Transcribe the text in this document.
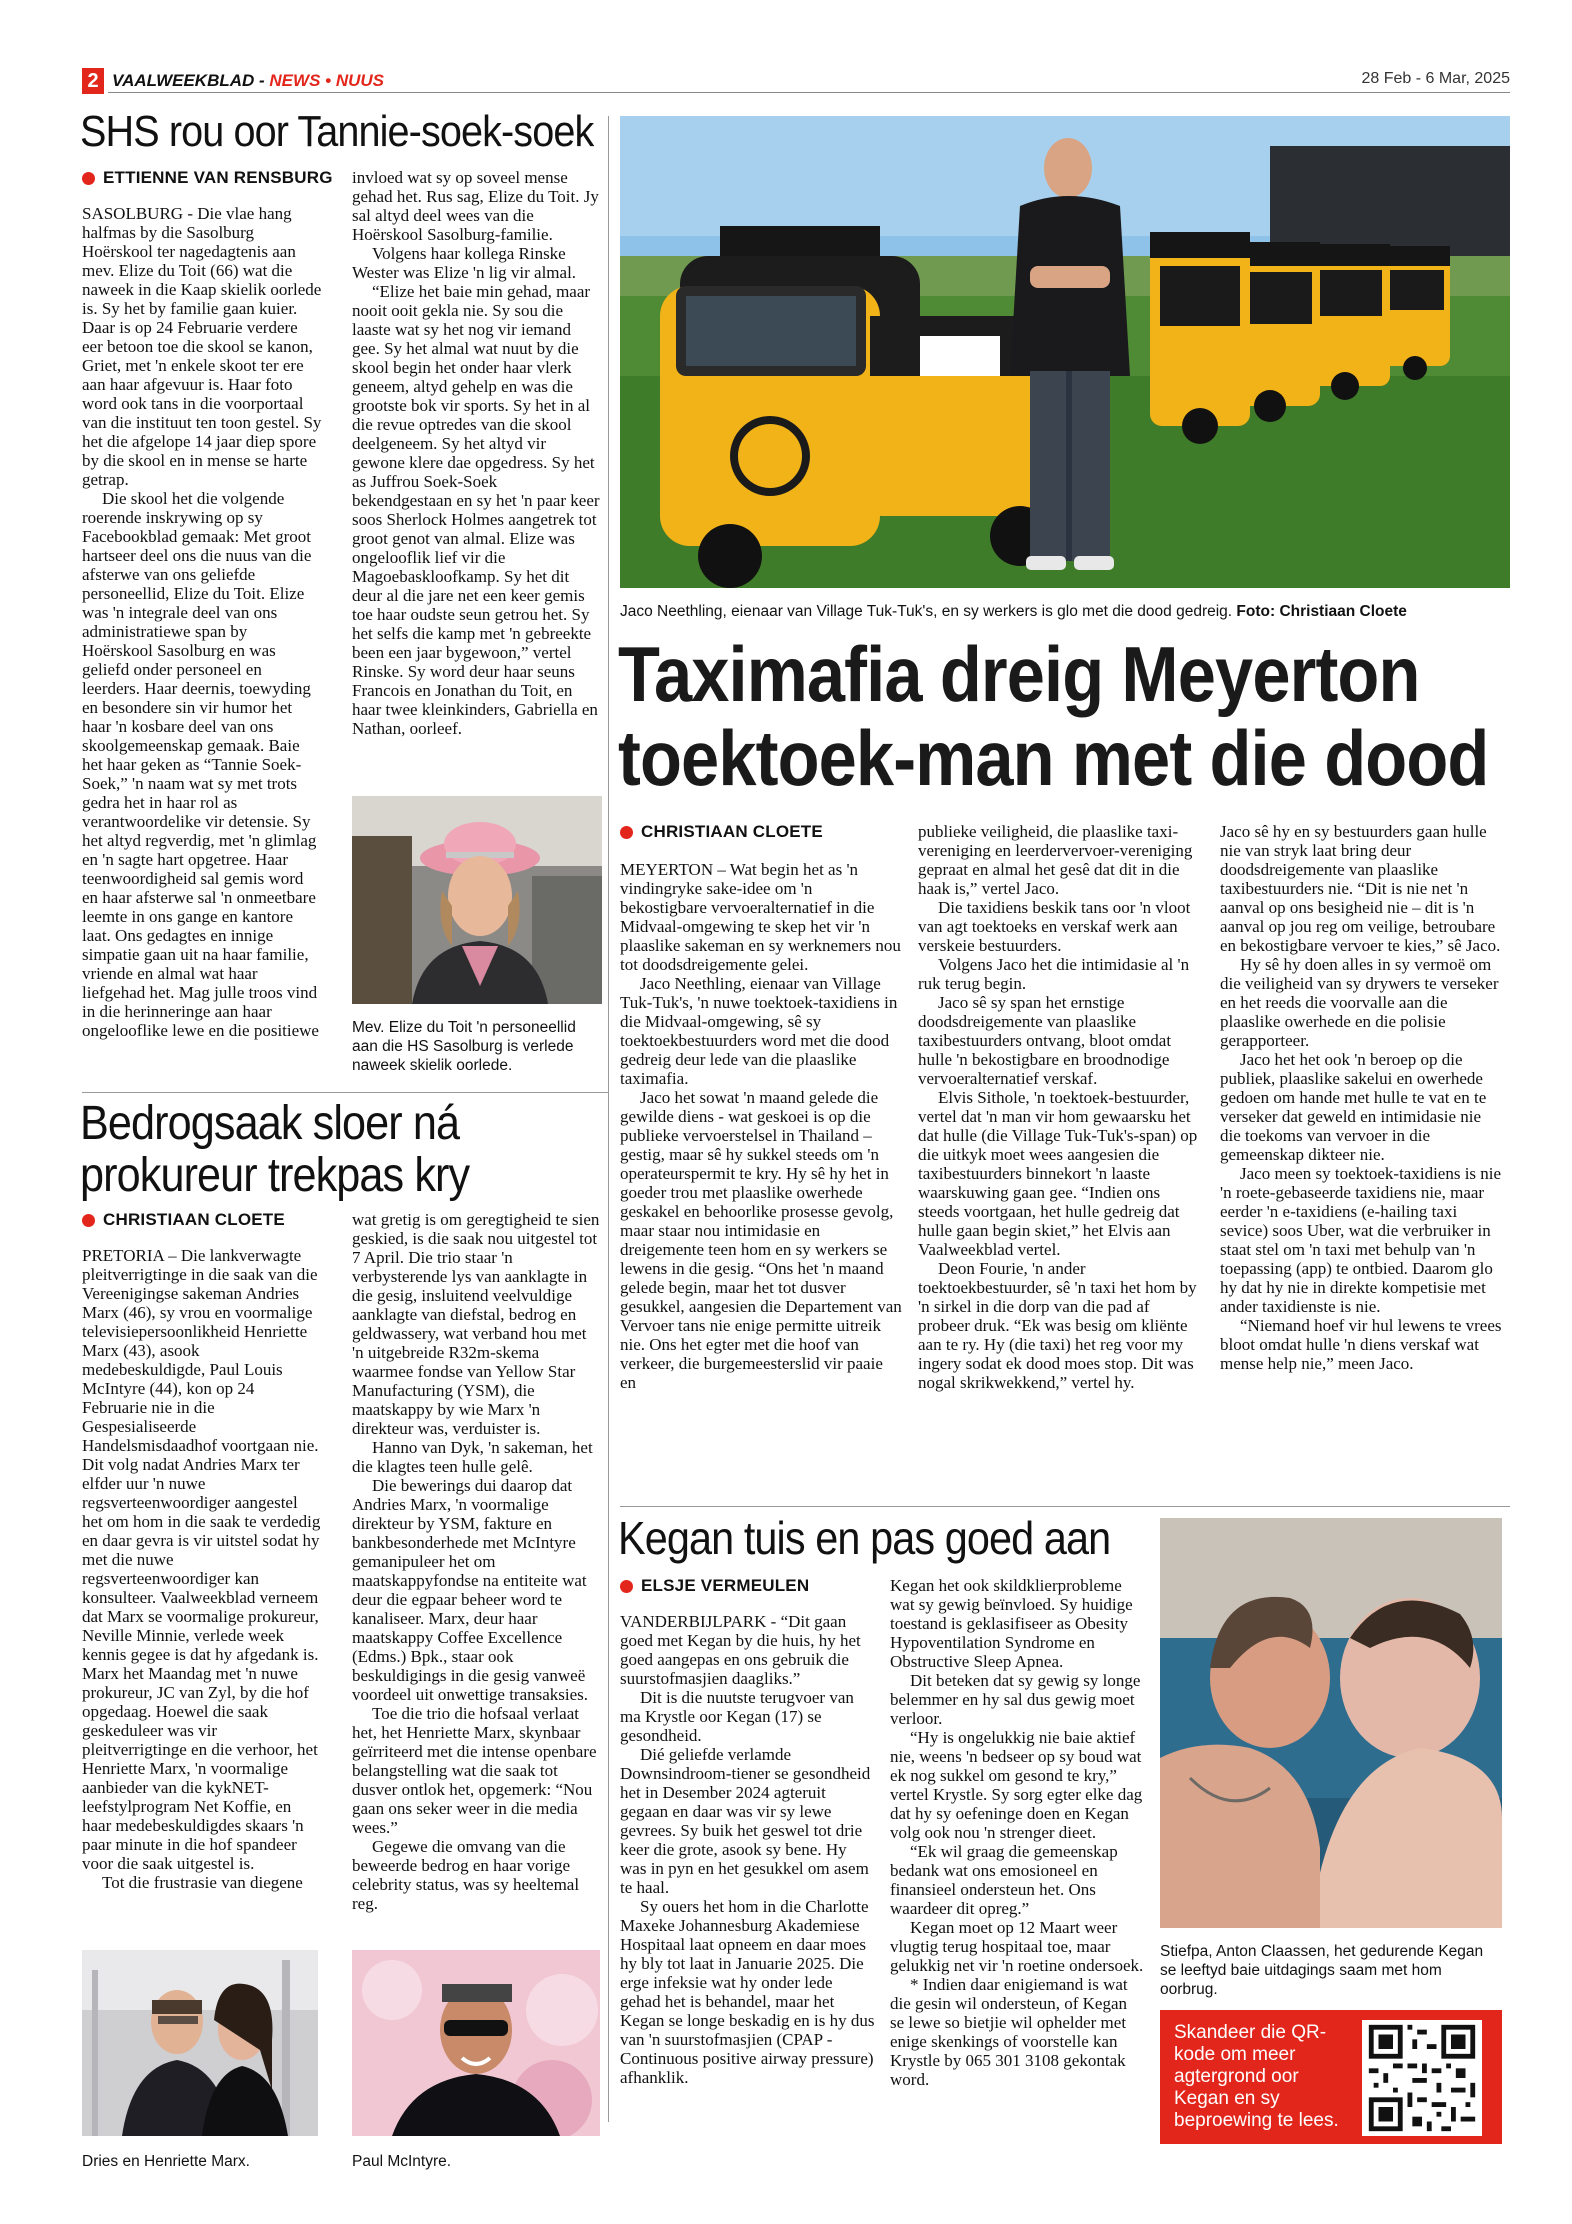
2 VAALWEEKBLAD - NEWS • NUUS	28 Feb - 6 Mar, 2025
SHS rou oor Tannie-soek-soek
ETTIENNE VAN RENSBURG

SASOLBURG - Die vlae hang halfmas by die Sasolburg Hoërskool ter nagedagtenis aan mev. Elize du Toit (66) wat die naweek in die Kaap skielik oorlede is. Sy het by familie gaan kuier. Daar is op 24 Februarie verdere eer betoon toe die skool se kanon, Griet, met 'n enkele skoot ter ere aan haar afgevuur is. Haar foto word ook tans in die voorportaal van die instituut ten toon gestel. Sy het die afgelope 14 jaar diep spore by die skool en in mense se harte getrap.

Die skool het die volgende roerende inskrywing op sy Facebookblad gemaak: Met groot hartseer deel ons die nuus van die afsterwe van ons geliefde personeellid, Elize du Toit. Elize was 'n integrale deel van ons administratiewe span by Hoërskool Sasolburg en was geliefd onder personeel en leerders. Haar deernis, toewyding en besondere sin vir humor het haar 'n kosbare deel van ons skoolgemeenskap gemaak. Baie het haar geken as “Tannie Soek-Soek,” 'n naam wat sy met trots gedra het in haar rol as verantwoordelike vir detensie. Sy het altyd regverdig, met 'n glimlag en 'n sagte hart opgetree. Haar teenwoordigheid sal gemis word en haar afsterwe sal 'n onmeetbare leemte in ons gange en kantore laat. Ons gedagtes en innige simpatie gaan uit na haar familie, vriende en almal wat haar liefgehad het. Mag julle troos vind in die herinneringe aan haar ongelooflike lewe en die positiewe

invloed wat sy op soveel mense gehad het. Rus sag, Elize du Toit. Jy sal altyd deel wees van die Hoërskool Sasolburg-familie.

Volgens haar kollega Rinske Wester was Elize 'n lig vir almal.

“Elize het baie min gehad, maar nooit ooit gekla nie. Sy sou die laaste wat sy het nog vir iemand gee. Sy het almal wat nuut by die skool begin het onder haar vlerk geneem, altyd gehelp en was die grootste bok vir sports. Sy het in al die revue optredes van die skool deelgeneem. Sy het altyd vir gewone klere dae opgedress. Sy het as Juffrou Soek-Soek bekendgestaan en sy het 'n paar keer soos Sherlock Holmes aangetrek tot groot genot van almal. Elize was ongelooflik lief vir die Magoebaskloofkamp. Sy het dit deur al die jare net een keer gemis toe haar oudste seun getrou het. Sy het selfs die kamp met 'n gebreekte been een jaar bygewoon,” vertel Rinske. Sy word deur haar seuns Francois en Jonathan du Toit, en haar twee kleinkinders, Gabriella en Nathan, oorleef.

Mev. Elize du Toit 'n personeellid aan die HS Sasolburg is verlede naweek skielik oorlede.
Bedrogsaak sloer ná
prokureur trekpas kry
CHRISTIAAN CLOETE

PRETORIA – Die lankverwagte pleitverrigtinge in die saak van die Vereenigingse sakeman Andries Marx (46), sy vrou en voormalige televisiepersoonlikheid Henriette Marx (43), asook medebeskuldigde, Paul Louis McIntyre (44), kon op 24 Februarie nie in die Gespesialiseerde Handelsmisdaadhof voortgaan nie. Dit volg nadat Andries Marx ter elfder uur 'n nuwe regsverteenwoordiger aangestel het om hom in die saak te verdedig en daar gevra is vir uitstel sodat hy met die nuwe regsverteenwoordiger kan konsulteer. Vaalweekblad verneem dat Marx se voormalige prokureur, Neville Minnie, verlede week kennis gegee is dat hy afgedank is. Marx het Maandag met 'n nuwe prokureur, JC van Zyl, by die hof opgedaag. Hoewel die saak geskeduleer was vir pleitverrigtinge en die verhoor, het Henriette Marx, 'n voormalige aanbieder van die kykNET-leefstylprogram Net Koffie, en haar medebeskuldigdes skaars 'n paar minute in die hof spandeer voor die saak uitgestel is.

Tot die frustrasie van diegene

wat gretig is om geregtigheid te sien geskied, is die saak nou uitgestel tot 7 April. Die trio staar 'n verbysterende lys van aanklagte in die gesig, insluitend veelvuldige aanklagte van diefstal, bedrog en geldwassery, wat verband hou met 'n uitgebreide R32m-skema waarmee fondse van Yellow Star Manufacturing (YSM), die maatskappy by wie Marx 'n direkteur was, verduister is.

Hanno van Dyk, 'n sakeman, het die klagtes teen hulle gelê.

Die bewerings dui daarop dat Andries Marx, 'n voormalige direkteur by YSM, fakture en bankbesonderhede met McIntyre gemanipuleer het om maatskappyfondse na entiteite wat deur die egpaar beheer word te kanaliseer. Marx, deur haar maatskappy Coffee Excellence (Edms.) Bpk., staar ook beskuldigings in die gesig vanweë voordeel uit onwettige transaksies.

Toe die trio die hofsaal verlaat het, het Henriette Marx, skynbaar geïrriteerd met die intense openbare belangstelling wat die saak tot dusver ontlok het, opgemerk: “Nou gaan ons seker weer in die media wees.”

Gegewe die omvang van die beweerde bedrog en haar vorige celebrity status, was sy heeltemal reg.

Dries en Henriette Marx.	Paul McIntyre.
Jaco Neethling, eienaar van Village Tuk-Tuk's, en sy werkers is glo met die dood gedreig. Foto: Christiaan Cloete
Taximafia dreig Meyerton
toektoek-man met die dood
CHRISTIAAN CLOETE

MEYERTON – Wat begin het as 'n vindingryke sake-idee om 'n bekostigbare vervoeralternatief in die Midvaal-omgewing te skep het vir 'n plaaslike sakeman en sy werknemers nou tot doodsdreigemente gelei.

Jaco Neethling, eienaar van Village Tuk-Tuk's, 'n nuwe toektoek-taxidiens in die Midvaal-omgewing, sê sy toektoekbestuurders word met die dood gedreig deur lede van die plaaslike taximafia.

Jaco het sowat 'n maand gelede die gewilde diens - wat geskoei is op die publieke vervoerstelsel in Thailand – gestig, maar sê hy sukkel steeds om 'n operateurspermit te kry. Hy sê hy het in goeder trou met plaaslike owerhede geskakel en behoorlike prosesse gevolg, maar staar nou intimidasie en dreigemente teen hom en sy werkers se lewens in die gesig. “Ons het 'n maand gelede begin, maar het tot dusver gesukkel, aangesien die Departement van Vervoer tans nie enige permitte uitreik nie. Ons het egter met die hoof van verkeer, die burgemeesterslid vir paaie en

publieke veiligheid, die plaaslike taxi-vereniging en leerdervervoer-vereniging gepraat en almal het gesê dat dit in die haak is,” vertel Jaco.

Die taxidiens beskik tans oor 'n vloot van agt toektoeks en verskaf werk aan verskeie bestuurders.

Volgens Jaco het die intimidasie al 'n ruk terug begin.

Jaco sê sy span het ernstige doodsdreigemente van plaaslike taxibestuurders ontvang, bloot omdat hulle 'n bekostigbare en broodnodige vervoeralternatief verskaf.

Elvis Sithole, 'n toektoek-bestuurder, vertel dat 'n man vir hom gewaarsku het dat hulle (die Village Tuk-Tuk's-span) op die uitkyk moet wees aangesien die taxibestuurders binnekort 'n laaste waarskuwing gaan gee. “Indien ons steeds voortgaan, het hulle gedreig dat hulle gaan begin skiet,” het Elvis aan Vaalweekblad vertel.

Deon Fourie, 'n ander toektoekbestuurder, sê 'n taxi het hom by 'n sirkel in die dorp van die pad af probeer druk. “Ek was besig om kliënte aan te ry. Hy (die taxi) het reg voor my ingery sodat ek dood moes stop. Dit was nogal skrikwekkend,” vertel hy.

Jaco sê hy en sy bestuurders gaan hulle nie van stryk laat bring deur doodsdreigemente van plaaslike taxibestuurders nie. “Dit is nie net 'n aanval op ons besigheid nie – dit is 'n aanval op jou reg om veilige, betroubare en bekostigbare vervoer te kies,” sê Jaco.

Hy sê hy doen alles in sy vermoë om die veiligheid van sy drywers te verseker en het reeds die voorvalle aan die plaaslike owerhede en die polisie gerapporteer.

Jaco het het ook 'n beroep op die publiek, plaaslike sakelui en owerhede gedoen om hande met hulle te vat en te verseker dat geweld en intimidasie nie die toekoms van vervoer in die gemeenskap dikteer nie.

Jaco meen sy toektoek-taxidiens is nie 'n roete-gebaseerde taxidiens nie, maar eerder 'n e-taxidiens (e-hailing taxi sevice) soos Uber, wat die verbruiker in staat stel om 'n taxi met behulp van 'n toepassing (app) te ontbied. Daarom glo hy dat hy nie in direkte kompetisie met ander taxidienste is nie.

“Niemand hoef vir hul lewens te vrees bloot omdat hulle 'n diens verskaf wat mense help nie,” meen Jaco.

Kegan tuis en pas goed aan
ELSJE VERMEULEN

VANDERBIJLPARK - “Dit gaan goed met Kegan by die huis, hy het goed aangepas en ons gebruik die suurstofmasjien daagliks.”

Dit is die nuutste terugvoer van ma Krystle oor Kegan (17) se gesondheid.

Dié geliefde verlamde Downsindroom-tiener se gesondheid het in Desember 2024 agteruit gegaan en daar was vir sy lewe gevrees. Sy buik het geswel tot drie keer die grote, asook sy bene. Hy was in pyn en het gesukkel om asem te haal.

Sy ouers het hom in die Charlotte Maxeke Johannesburg Akademiese Hospitaal laat opneem en daar moes hy bly tot laat in Januarie 2025. Die erge infeksie wat hy onder lede gehad het is behandel, maar het Kegan se longe beskadig en is hy dus van 'n suurstofmasjien (CPAP - Continuous positive airway pressure) afhanklik.

Kegan het ook skildklierprobleme wat sy gewig beïnvloed. Sy huidige toestand is geklasifiseer as Obesity Hypoventilation Syndrome en Obstructive Sleep Apnea.

Dit beteken dat sy gewig sy longe belemmer en hy sal dus gewig moet verloor.

“Hy is ongelukkig nie baie aktief nie, weens 'n bedseer op sy boud wat ek nog sukkel om gesond te kry,” vertel Krystle. Sy sorg egter elke dag dat hy sy oefeninge doen en Kegan volg ook nou 'n strenger dieet.

“Ek wil graag die gemeenskap bedank wat ons emosioneel en finansieel ondersteun het. Ons waardeer dit opreg.”

Kegan moet op 12 Maart weer vlugtig terug hospitaal toe, maar gelukkig net vir 'n roetine ondersoek.

* Indien daar enigiemand is wat die gesin wil ondersteun, of Kegan se lewe so bietjie wil ophelder met enige skenkings of voorstelle kan Krystle by 065 301 3108 gekontak word.

Stiefpa, Anton Claassen, het gedurende Kegan se leeftyd baie uitdagings saam met hom oorbrug.
Skandeer die QR-kode om meer agtergrond oor Kegan en sy beproewing te lees.
